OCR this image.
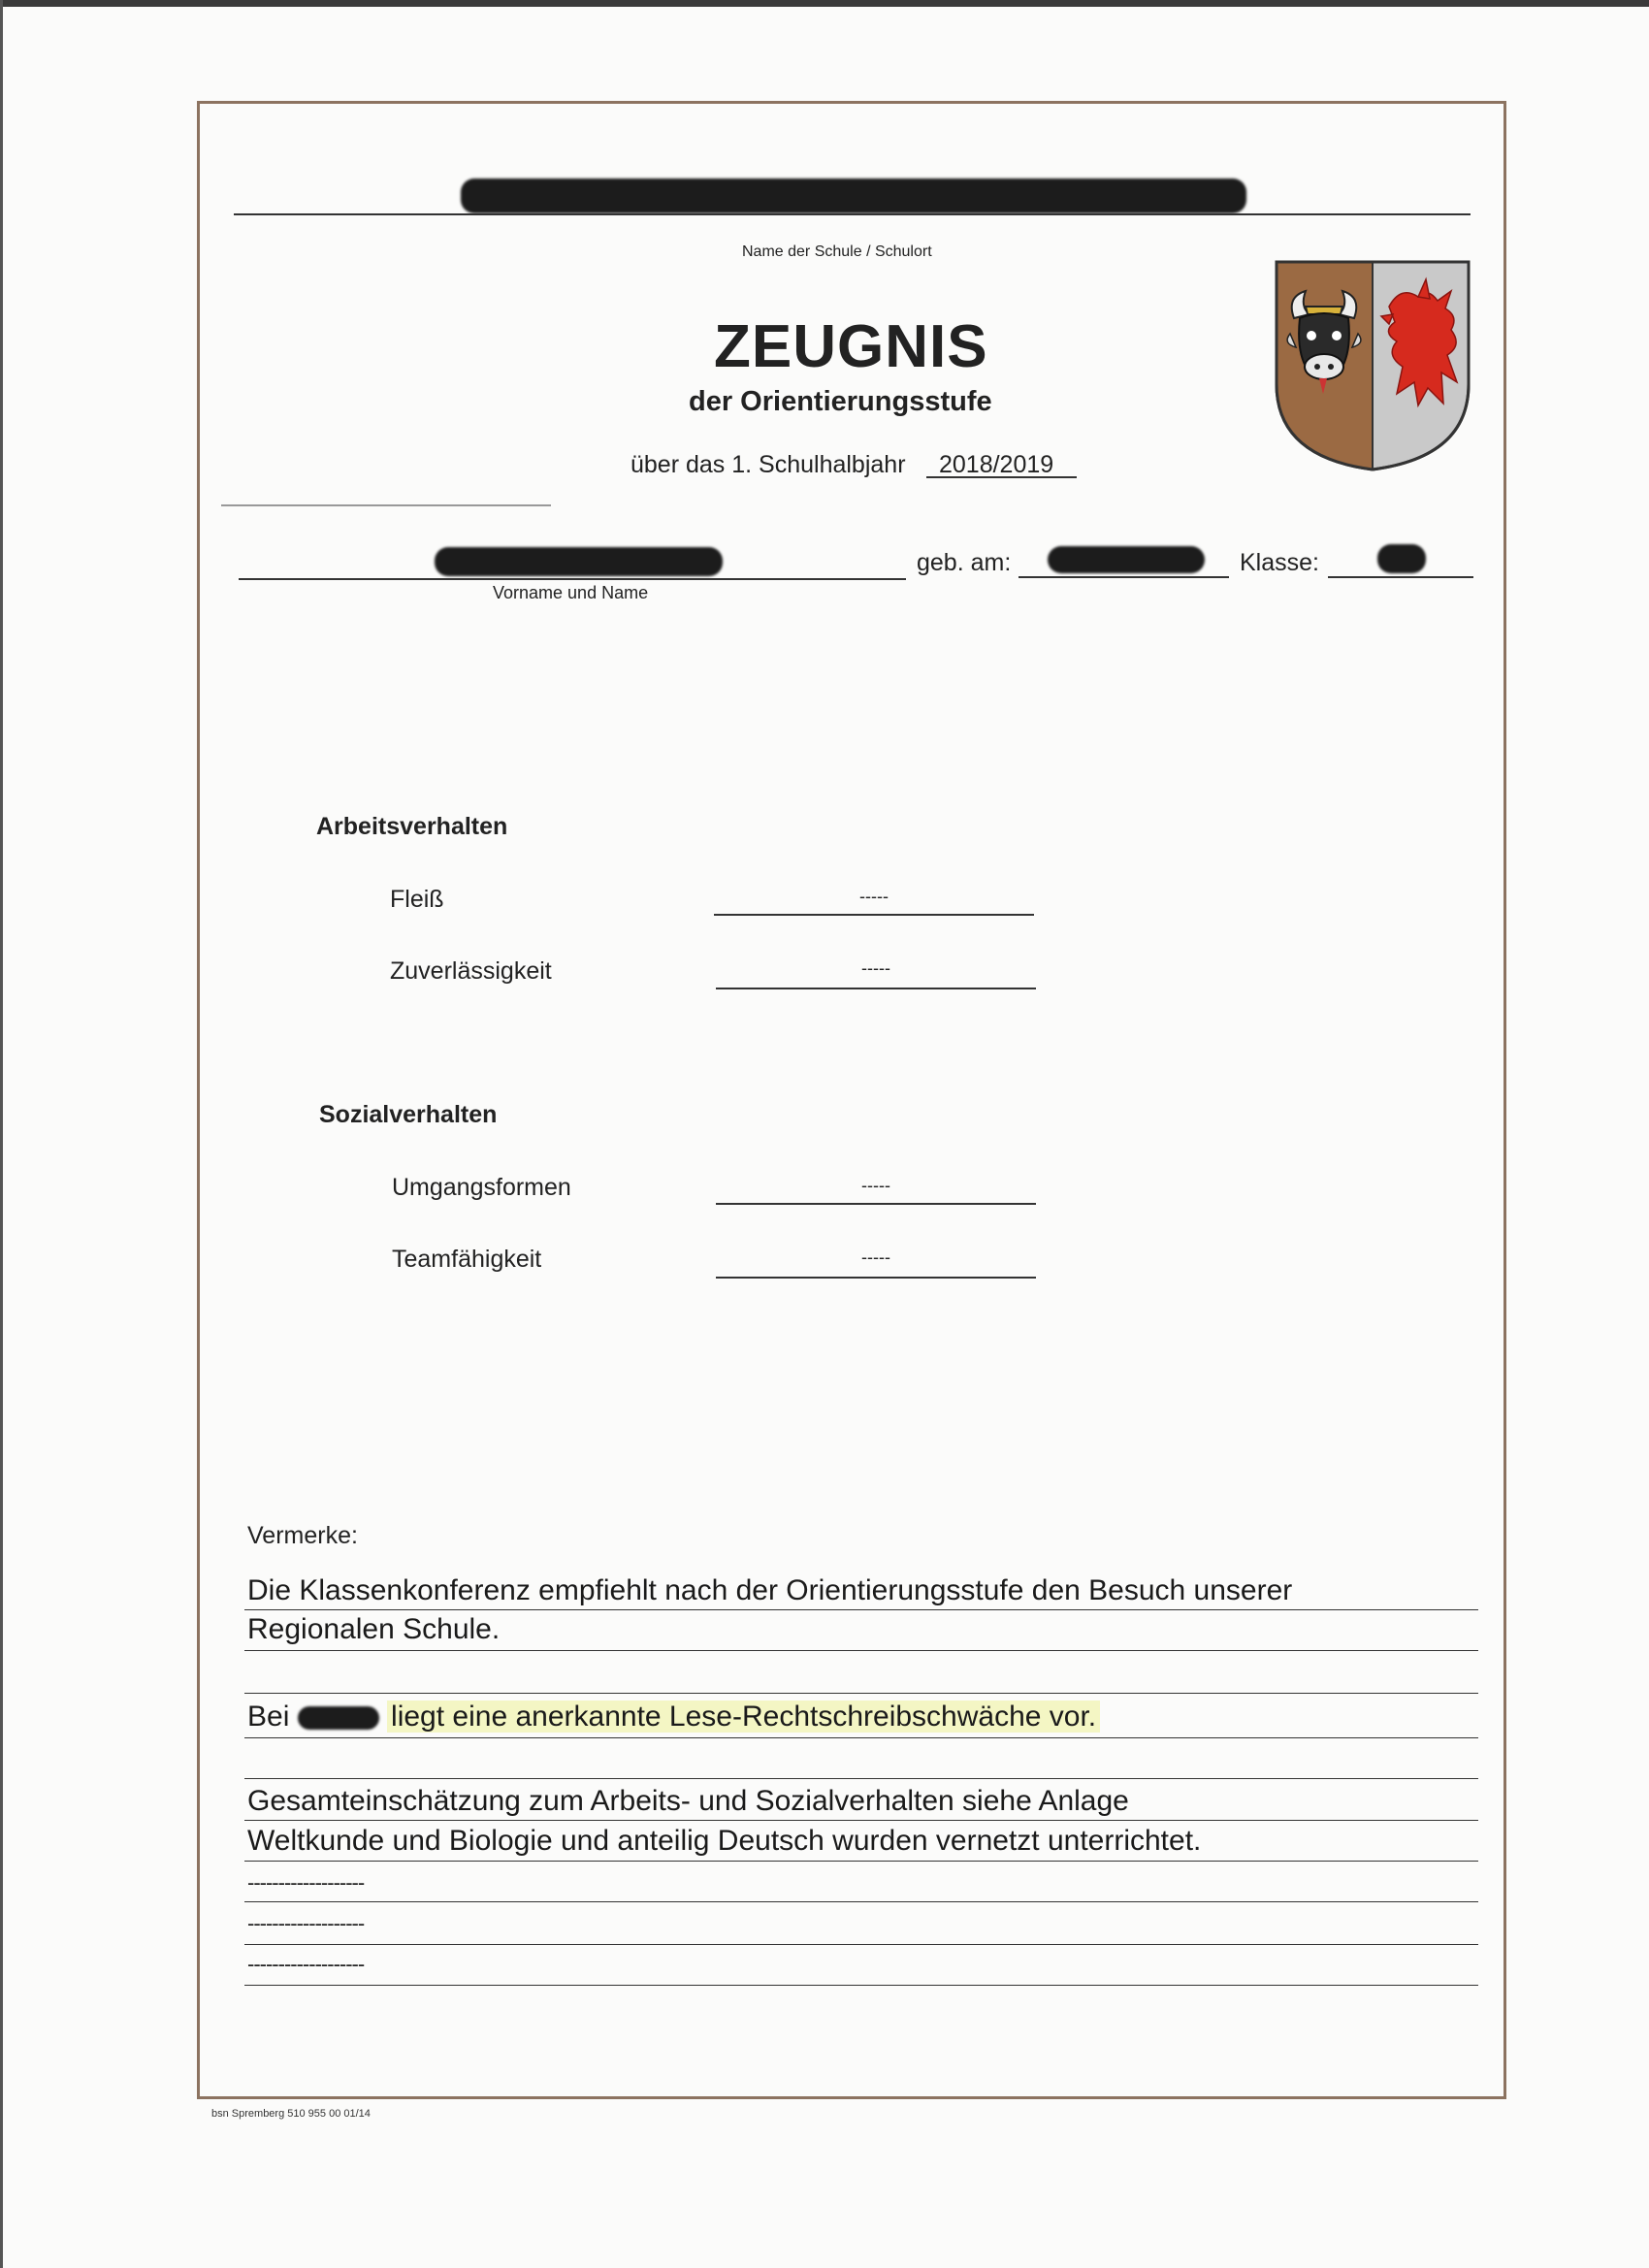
Name der Schule / Schulort
ZEUGNIS
der Orientierungsstufe
über das 1. Schulhalbjahr 2018/2019
Vorname und Name
geb. am:	Klasse:
Arbeitsverhalten
Fleiß	-----
Zuverlässigkeit	-----
Sozialverhalten
Umgangsformen	-----
Teamfähigkeit	-----
Vermerke:
Die Klassenkonferenz empfiehlt nach der Orientierungsstufe den Besuch unserer
Regionalen Schule.
Bei	liegt eine anerkannte Lese-Rechtschreibschwäche vor.
Gesamteinschätzung zum Arbeits- und Sozialverhalten siehe Anlage
Weltkunde und Biologie und anteilig Deutsch wurden vernetzt unterrichtet.
-------------------
-------------------
-------------------
bsn Spremberg 510 955 00 01/14
